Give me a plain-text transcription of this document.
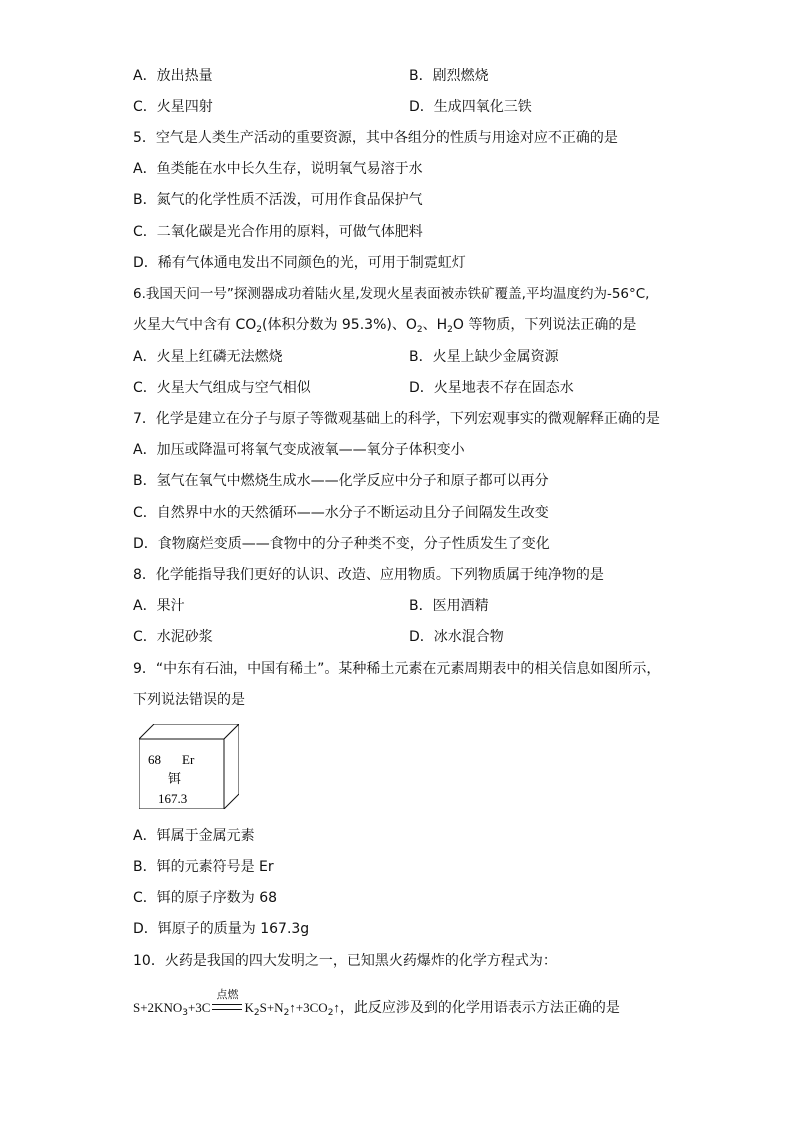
A．放出热量	B．剧烈燃烧
C．火星四射	D．生成四氧化三铁
5．空气是人类生产活动的重要资源，其中各组分的性质与用途对应不正确的是
A．鱼类能在水中长久生存，说明氧气易溶于水
B．氮气的化学性质不活泼，可用作食品保护气
C．二氧化碳是光合作用的原料，可做气体肥料
D．稀有气体通电发出不同颜色的光，可用于制霓虹灯
6.我国天问一号”探测器成功着陆火星,发现火星表面被赤铁矿覆盖,平均温度约为-56°C,
火星大气中含有 $CO_2$(体积分数为 95.3%)、$O_2$、$H_2O$ 等物质，下列说法正确的是
A．火星上红磷无法燃烧	B．火星上缺少金属资源
C．火星大气组成与空气相似	D．火星地表不存在固态水
7．化学是建立在分子与原子等微观基础上的科学，下列宏观事实的微观解释正确的是
A．加压或降温可将氧气变成液氧——氧分子体积变小
B．氢气在氧气中燃烧生成水——化学反应中分子和原子都可以再分
C．自然界中水的天然循环——水分子不断运动且分子间隔发生改变
D．食物腐烂变质——食物中的分子种类不变，分子性质发生了变化
8．化学能指导我们更好的认识、改造、应用物质。下列物质属于纯净物的是
A．果汁	B．医用酒精
C．水泥砂浆	D．冰水混合物
9．“中东有石油，中国有稀土”。某种稀土元素在元素周期表中的相关信息如图所示，
下列说法错误的是
68 Er
铒
167.3
A．铒属于金属元素
B．铒的元素符号是 Er
C．铒的原子序数为 68
D．铒原子的质量为 167.3g
10．火药是我国的四大发明之一，已知黑火药爆炸的化学方程式为：
$S+2KNO_3+3C$
点燃
$K_2S+N_2↑+3CO_2↑$，此反应涉及到的化学用语表示方法正确的是
